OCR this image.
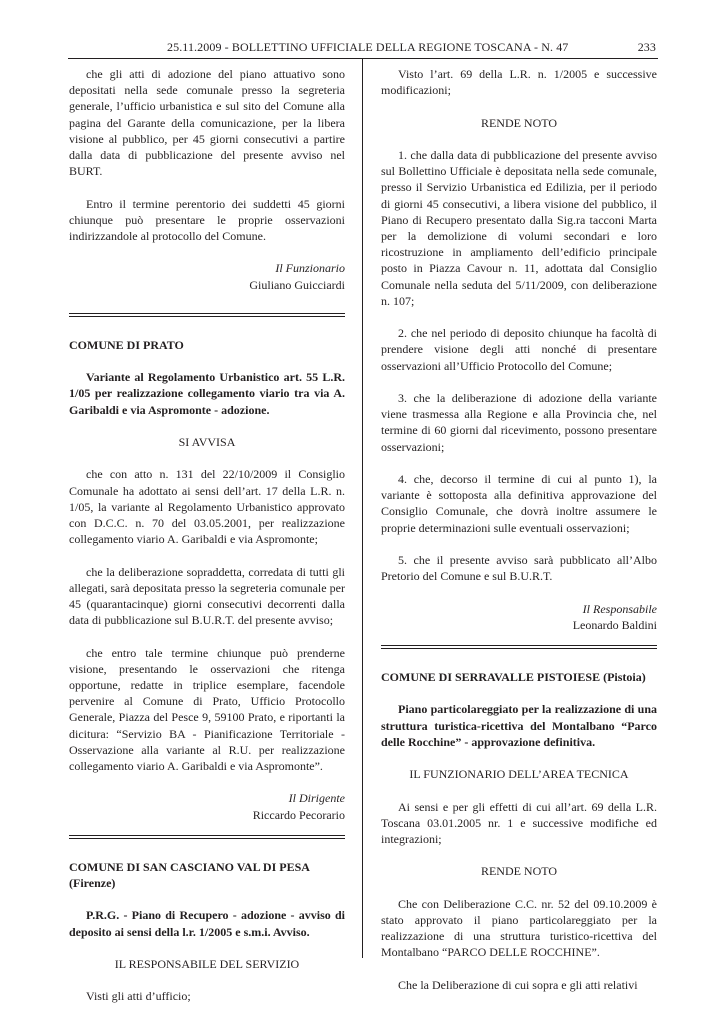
25.11.2009 - BOLLETTINO UFFICIALE DELLA REGIONE TOSCANA - N. 47	233

che gli atti di adozione del piano attuativo sono depositati nella sede comunale presso la segreteria generale, l’ufficio urbanistica e sul sito del Comune alla pagina del Garante della comunicazione, per la libera visione al pubblico, per 45 giorni consecutivi a partire dalla data di pubblicazione del presente avviso nel BURT.

Entro il termine perentorio dei suddetti 45 giorni chiunque può presentare le proprie osservazioni indirizzandole al protocollo del Comune.

Il Funzionario

Giuliano Guicciardi

COMUNE DI PRATO

Variante al Regolamento Urbanistico art. 55 L.R. 1/05 per realizzazione collegamento viario tra via A. Garibaldi e via Aspromonte - adozione.

SI AVVISA

che con atto n. 131 del 22/10/2009 il Consiglio Comunale ha adottato ai sensi dell’art. 17 della L.R. n. 1/05, la variante al Regolamento Urbanistico approvato con D.C.C. n. 70 del 03.05.2001, per realizzazione collegamento viario A. Garibaldi e via Aspromonte;

che la deliberazione sopraddetta, corredata di tutti gli allegati, sarà depositata presso la segreteria comunale per 45 (quarantacinque) giorni consecutivi decorrenti dalla data di pubblicazione sul B.U.R.T. del presente avviso;

che entro tale termine chiunque può prenderne visione, presentando le osservazioni che ritenga opportune, redatte in triplice esemplare, facendole pervenire al Comune di Prato, Ufficio Protocollo Generale, Piazza del Pesce 9, 59100 Prato, e riportanti la dicitura: “Servizio BA - Pianificazione Territoriale - Osservazione alla variante al R.U. per realizzazione collegamento viario A. Garibaldi e via Aspromonte”.

Il Dirigente

Riccardo Pecorario

COMUNE DI SAN CASCIANO VAL DI PESA (Firenze)

P.R.G. - Piano di Recupero - adozione - avviso di deposito ai sensi della l.r. 1/2005 e s.m.i. Avviso.

IL RESPONSABILE DEL SERVIZIO

Visti gli atti d’ufficio;

Visto l’art. 69 della L.R. n. 1/2005 e successive modificazioni;

RENDE NOTO

1. che dalla data di pubblicazione del presente avviso sul Bollettino Ufficiale è depositata nella sede comunale, presso il Servizio Urbanistica ed Edilizia, per il periodo di giorni 45 consecutivi, a libera visione del pubblico, il Piano di Recupero presentato dalla Sig.ra tacconi Marta per la demolizione di volumi secondari e loro ricostruzione in ampliamento dell’edificio principale posto in Piazza Cavour n. 11, adottata dal Consiglio Comunale nella seduta del 5/11/2009, con deliberazione n. 107;

2. che nel periodo di deposito chiunque ha facoltà di prendere visione degli atti nonché di presentare osservazioni all’Ufficio Protocollo del Comune;

3. che la deliberazione di adozione della variante viene trasmessa alla Regione e alla Provincia che, nel termine di 60 giorni dal ricevimento, possono presentare osservazioni;

4. che, decorso il termine di cui al punto 1), la variante è sottoposta alla definitiva approvazione del Consiglio Comunale, che dovrà inoltre assumere le proprie determinazioni sulle eventuali osservazioni;

5. che il presente avviso sarà pubblicato all’Albo Pretorio del Comune e sul B.U.R.T.

Il Responsabile

Leonardo Baldini

COMUNE DI SERRAVALLE PISTOIESE (Pistoia)

Piano particolareggiato per la realizzazione di una struttura turistica-ricettiva del Montalbano “Parco delle Rocchine” - approvazione definitiva.

IL FUNZIONARIO DELL’AREA TECNICA

Ai sensi e per gli effetti di cui all’art. 69 della L.R. Toscana 03.01.2005 nr. 1 e successive modifiche ed integrazioni;

RENDE NOTO

Che con Deliberazione C.C. nr. 52 del 09.10.2009 è stato approvato il piano particolareggiato per la realizzazione di una struttura turistico-ricettiva del Montalbano “PARCO DELLE ROCCHINE”.

Che la Deliberazione di cui sopra e gli atti relativi
